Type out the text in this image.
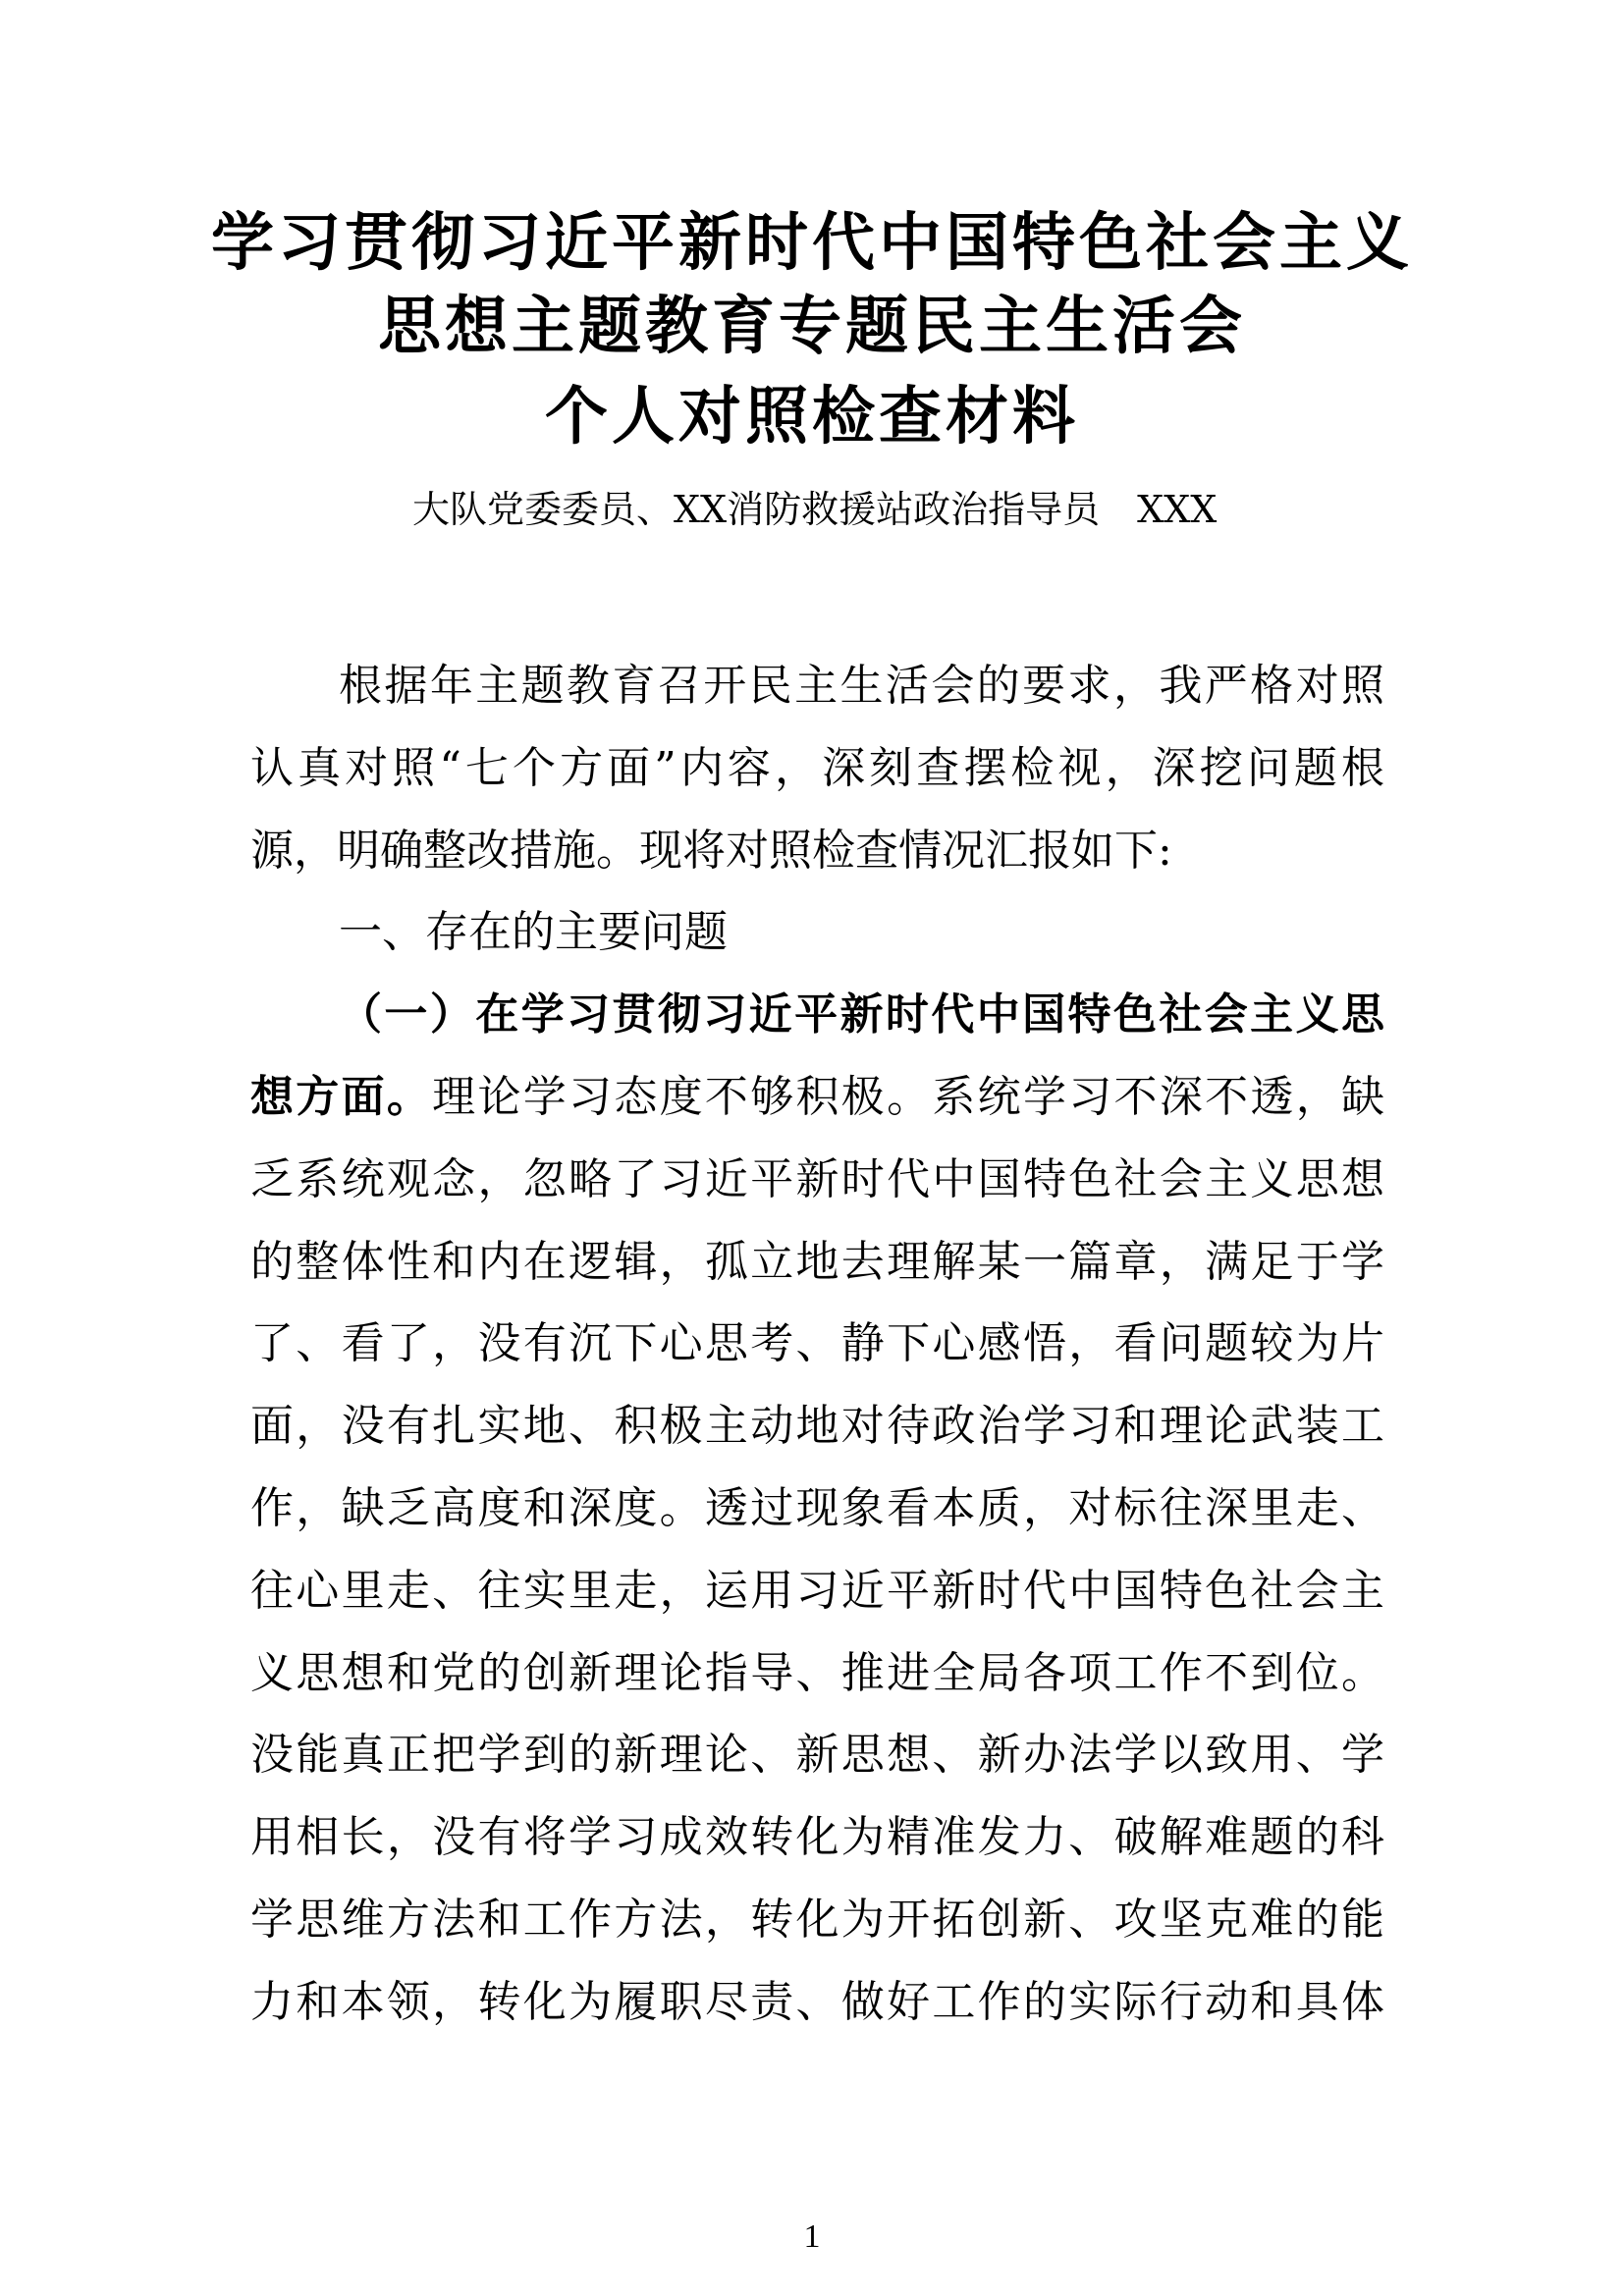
学习贯彻习近平新时代中国特色社会主义
思想主题教育专题民主生活会
个人对照检查材料
大队党委委员、XX消防救援站政治指导员　XXX
根据年主题教育召开民主生活会的要求，我严格对照
认真对照“七个方面”内容，深刻查摆检视，深挖问题根
源，明确整改措施。现将对照检查情况汇报如下:
一、存在的主要问题
（一）在学习贯彻习近平新时代中国特色社会主义思
想方面。理论学习态度不够积极。系统学习不深不透，缺
乏系统观念，忽略了习近平新时代中国特色社会主义思想
的整体性和内在逻辑，孤立地去理解某一篇章，满足于学
了、看了，没有沉下心思考、静下心感悟，看问题较为片
面，没有扎实地、积极主动地对待政治学习和理论武装工
作，缺乏高度和深度。透过现象看本质，对标往深里走、
往心里走、往实里走，运用习近平新时代中国特色社会主
义思想和党的创新理论指导、推进全局各项工作不到位。
没能真正把学到的新理论、新思想、新办法学以致用、学
用相长，没有将学习成效转化为精准发力、破解难题的科
学思维方法和工作方法，转化为开拓创新、攻坚克难的能
力和本领，转化为履职尽责、做好工作的实际行动和具体
1
